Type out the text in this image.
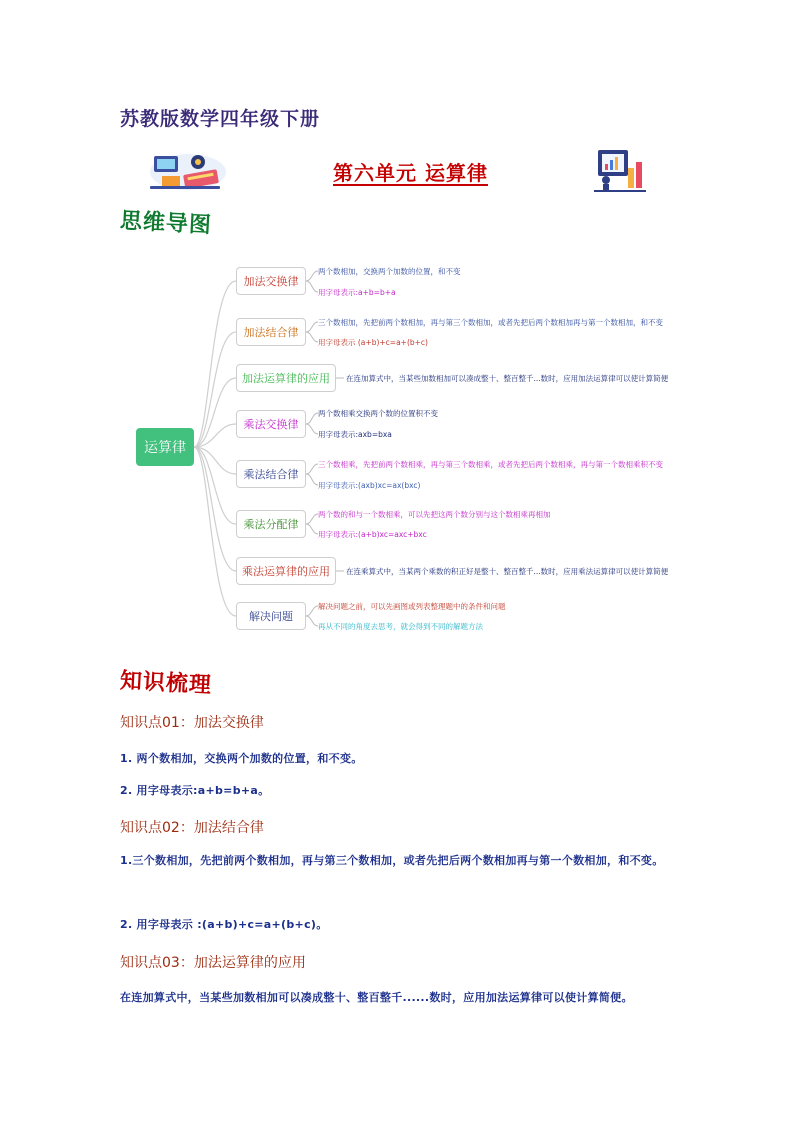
苏教版数学四年级下册
第六单元 运算律
思维导图
运算律
加法交换律
两个数相加，交换两个加数的位置，和不变
用字母表示:a+b=b+a
加法结合律
三个数相加，先把前两个数相加，再与第三个数相加，或者先把后两个数相加再与第一个数相加，和不变
用字母表示 (a+b)+c=a+(b+c)
加法运算律的应用	在连加算式中，当某些加数相加可以凑成整十、整百整千...数时，应用加法运算律可以使计算简便
乘法交换律
两个数相乘交换两个数的位置积不变
用字母表示:axb=bxa
乘法结合律
三个数相乘，先把前两个数相乘，再与第三个数相乘，或者先把后两个数相乘，再与第一个数相乘积不变
用字母表示:(axb)xc=ax(bxc)
乘法分配律
两个数的和与一个数相乘，可以先把这两个数分别与这个数相乘再相加
用字母表示:(a+b)xc=axc+bxc
乘法运算律的应用	在连乘算式中，当某两个乘数的积正好是整十、整百整千...数时，应用乘法运算律可以使计算简便
解决问题
解决问题之前，可以先画图或列表整理题中的条件和问题
再从不同的角度去思考，就会得到不同的解题方法
知识梳理
知识点01：加法交换律
1. 两个数相加，交换两个加数的位置，和不变。
2. 用字母表示:a+b=b+a。
知识点02：加法结合律
1.三个数相加，先把前两个数相加，再与第三个数相加，或者先把后两个数相加再与第一个数相加，和不变。
2. 用字母表示 :(a+b)+c=a+(b+c)。
知识点03：加法运算律的应用
在连加算式中，当某些加数相加可以凑成整十、整百整千......数时，应用加法运算律可以使计算简便。
